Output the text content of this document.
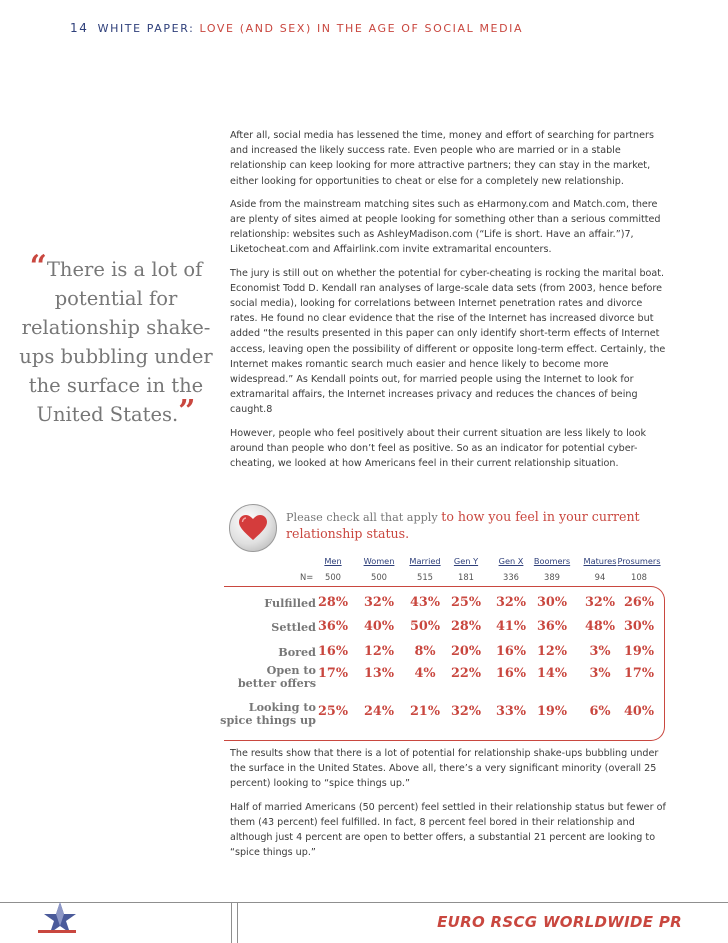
14 WHITE PAPER: LOVE (AND SEX) IN THE AGE OF SOCIAL MEDIA

After all, social media has lessened the time, money and effort of searching for partners and increased the likely success rate. Even people who are married or in a stable relationship can keep looking for more attractive partners; they can stay in the market, either looking for opportunities to cheat or else for a completely new relationship.

Aside from the mainstream matching sites such as eHarmony.com and Match.com, there are plenty of sites aimed at people looking for something other than a serious committed relationship: websites such as AshleyMadison.com (“Life is short. Have an affair.”)7, Liketocheat.com and Affairlink.com invite extramarital encounters.

The jury is still out on whether the potential for cyber-cheating is rocking the marital boat. Economist Todd D. Kendall ran analyses of large-scale data sets (from 2003, hence before social media), looking for correlations between Internet penetration rates and divorce rates. He found no clear evidence that the rise of the Internet has increased divorce but added “the results presented in this paper can only identify short-term effects of Internet access, leaving open the possibility of different or opposite long-term effect. Certainly, the Internet makes romantic search much easier and hence likely to become more widespread.” As Kendall points out, for married people using the Internet to look for extramarital affairs, the Internet increases privacy and reduces the chances of being caught.8

However, people who feel positively about their current situation are less likely to look around than people who don’t feel as positive. So as an indicator for potential cyber-cheating, we looked at how Americans feel in their current relationship situation.

“There is a lot of potential for relationship shake-ups bubbling under the surface in the United States.”
Please check all that apply to how you feel in your current relationship status.
N=
Men	Women	Married	Gen Y	Gen X	Boomers	Matures Prosumers
500	500	515	181	336	389	94	108
Fulfilled 28%	32%	43% 25%	32% 30%	32% 26%
Settled 36%	40%	50% 28%	41% 36%	48% 30%
Bored 16%	12%	8%	20%	16% 12%	3%	19%
Open to
better offers
17%	13%	4%	22%	16% 14%	3%	17%
Looking to
spice things up
25%	24%	21% 32%	33% 19%	6%	40%

The results show that there is a lot of potential for relationship shake-ups bubbling under the surface in the United States. Above all, there’s a very significant minority (overall 25 percent) looking to “spice things up.”

Half of married Americans (50 percent) feel settled in their relationship status but fewer of them (43 percent) feel fulfilled. In fact, 8 percent feel bored in their relationship and although just 4 percent are open to better offers, a substantial 21 percent are looking to “spice things up.”

EURO RSCG WORLDWIDE PR
